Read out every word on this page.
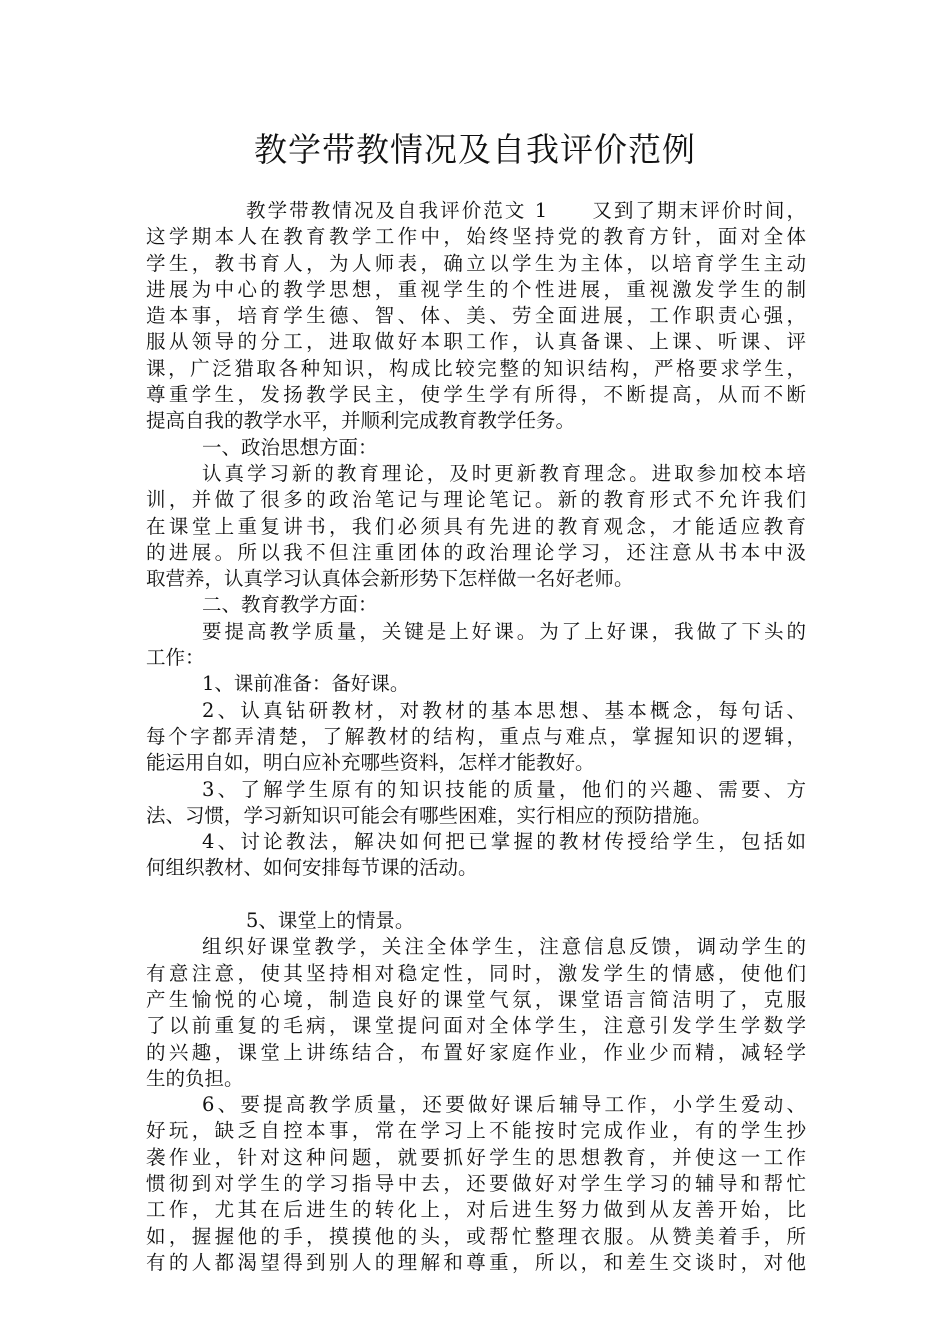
教学带教情况及自我评价范例
教学带教情况及自我评价范文 1　　又到了期末评价时间，
这学期本人在教育教学工作中，始终坚持党的教育方针，面对全体
学生，教书育人，为人师表，确立以学生为主体，以培育学生主动
进展为中心的教学思想，重视学生的个性进展，重视激发学生的制
造本事，培育学生德、智、体、美、劳全面进展，工作职责心强，
服从领导的分工，进取做好本职工作，认真备课、上课、听课、评
课，广泛猎取各种知识，构成比较完整的知识结构，严格要求学生，
尊重学生，发扬教学民主，使学生学有所得，不断提高，从而不断
提高自我的教学水平，并顺利完成教育教学任务。
一、政治思想方面：
认真学习新的教育理论，及时更新教育理念。进取参加校本培
训，并做了很多的政治笔记与理论笔记。新的教育形式不允许我们
在课堂上重复讲书，我们必须具有先进的教育观念，才能适应教育
的进展。所以我不但注重团体的政治理论学习，还注意从书本中汲
取营养，认真学习认真体会新形势下怎样做一名好老师。
二、教育教学方面：
要提高教学质量，关键是上好课。为了上好课，我做了下头的
工作：
1、课前准备：备好课。
2、认真钻研教材，对教材的基本思想、基本概念，每句话、
每个字都弄清楚，了解教材的结构，重点与难点，掌握知识的逻辑，
能运用自如，明白应补充哪些资料，怎样才能教好。
3、了解学生原有的知识技能的质量，他们的兴趣、需要、方
法、习惯，学习新知识可能会有哪些困难，实行相应的预防措施。
4、讨论教法，解决如何把已掌握的教材传授给学生，包括如
何组织教材、如何安排每节课的活动。
5、课堂上的情景。
组织好课堂教学，关注全体学生，注意信息反馈，调动学生的
有意注意，使其坚持相对稳定性，同时，激发学生的情感，使他们
产生愉悦的心境，制造良好的课堂气氛，课堂语言简洁明了，克服
了以前重复的毛病，课堂提问面对全体学生，注意引发学生学数学
的兴趣，课堂上讲练结合，布置好家庭作业，作业少而精，减轻学
生的负担。
6、要提高教学质量，还要做好课后辅导工作，小学生爱动、
好玩，缺乏自控本事，常在学习上不能按时完成作业，有的学生抄
袭作业，针对这种问题，就要抓好学生的思想教育，并使这一工作
惯彻到对学生的学习指导中去，还要做好对学生学习的辅导和帮忙
工作，尤其在后进生的转化上，对后进生努力做到从友善开始，比
如，握握他的手，摸摸他的头，或帮忙整理衣服。从赞美着手，所
有的人都渴望得到别人的理解和尊重，所以，和差生交谈时，对他
